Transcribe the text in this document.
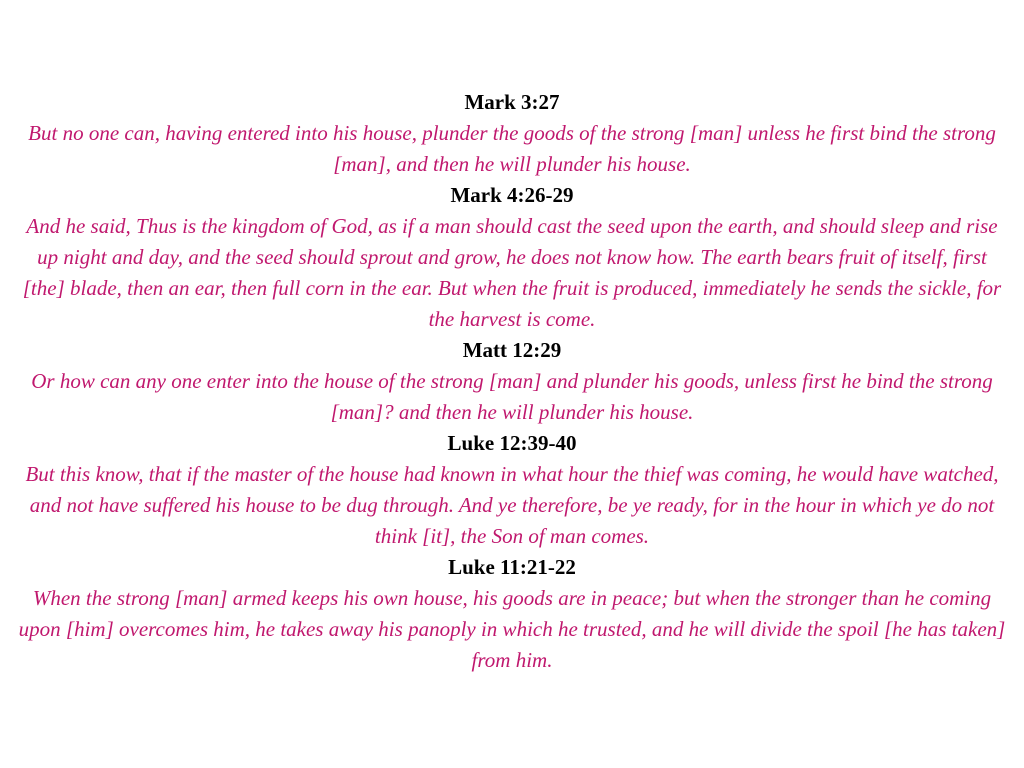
Mark 3:27

But no one can, having entered into his house, plunder the goods of the strong [man] unless he first bind the strong [man], and then he will plunder his house.

Mark 4:26-29

And he said, Thus is the kingdom of God, as if a man should cast the seed upon the earth, and should sleep and rise up night and day, and the seed should sprout and grow, he does not know how. The earth bears fruit of itself, first [the] blade, then an ear, then full corn in the ear. But when the fruit is produced, immediately he sends the sickle, for the harvest is come.

Matt 12:29

Or how can any one enter into the house of the strong [man] and plunder his goods, unless first he bind the strong [man]? and then he will plunder his house.

Luke 12:39-40

But this know, that if the master of the house had known in what hour the thief was coming, he would have watched, and not have suffered his house to be dug through. And ye therefore, be ye ready, for in the hour in which ye do not think [it], the Son of man comes.

Luke 11:21-22

When the strong [man] armed keeps his own house, his goods are in peace; but when the stronger than he coming upon [him] overcomes him, he takes away his panoply in which he trusted, and he will divide the spoil [he has taken] from him.
